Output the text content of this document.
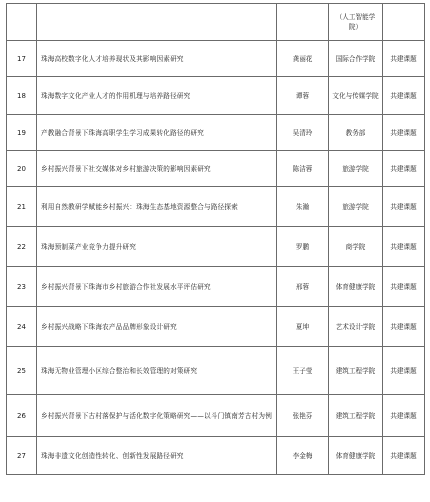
			（人工智能学院）	
17	珠海高校数字化人才培养现状及其影响因素研究	龚丽花	国际合作学院	共建课题
18	珠海数字文化产业人才的作用机理与培养路径研究	谭蓉	文化与传媒学院	共建课题
19	产教融合背景下珠海高职学生学习成果转化路径的研究	吴清玲	教务部	共建课题
20	乡村振兴背景下社交媒体对乡村旅游决策的影响因素研究	陈洁蓉	旅游学院	共建课题
21	利用自然教研学赋能乡村振兴：珠海生态基地资源整合与路径探索	朱瀚	旅游学院	共建课题
22	珠海预制菜产业竞争力提升研究	罗鹏	商学院	共建课题
23	乡村振兴背景下珠海市乡村旅游合作社发展水平评估研究	邢蓉	体育健康学院	共建课题
24	乡村振兴战略下珠海农产品品牌形象设计研究	夏坤	艺术设计学院	共建课题
25	珠海无物业管理小区综合整治和长效管理的对策研究	王子莹	建筑工程学院	共建课题
26	乡村振兴背景下古村落保护与活化数字化策略研究——以斗门镇南芳古村为例	张艳芬	建筑工程学院	共建课题
27	珠海非遗文化创造性转化、创新性发展路径研究	李金梅	体育健康学院	共建课题
